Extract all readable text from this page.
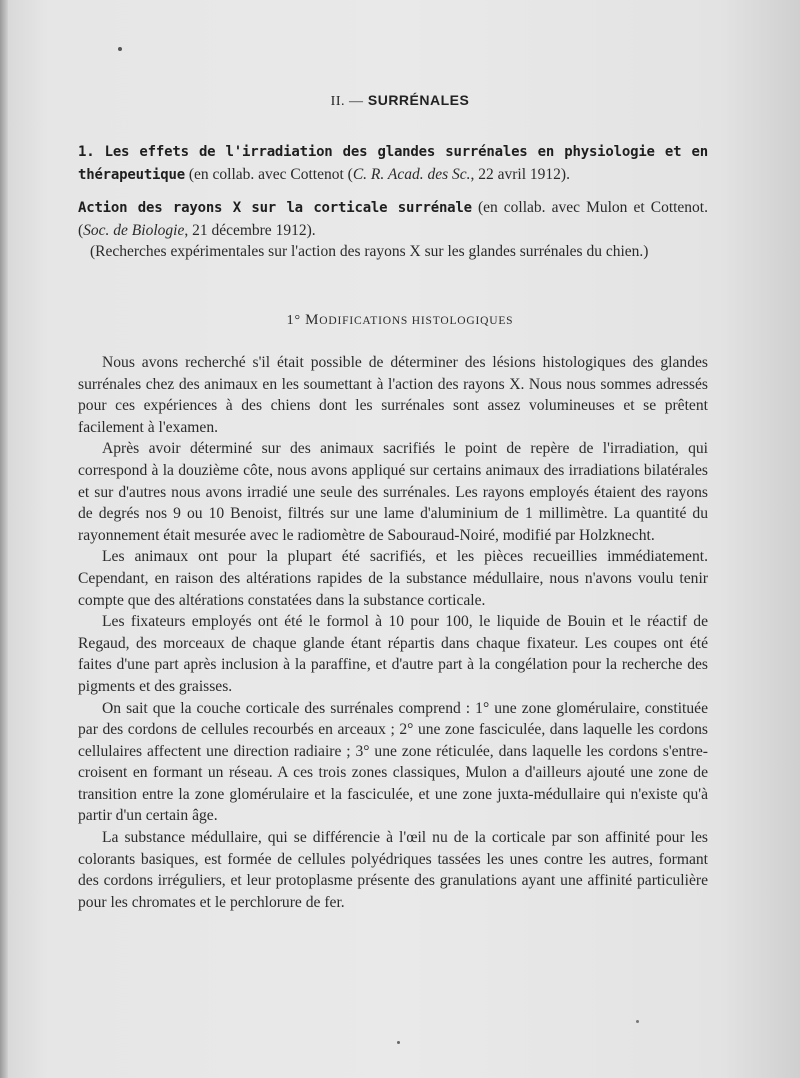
II. — SURRÉNALES
1. Les effets de l'irradiation des glandes surrénales en physiologie et en thérapeutique (en collab. avec Cottenot (C. R. Acad. des Sc., 22 avril 1912).
Action des rayons X sur la corticale surrénale (en collab. avec Mulon et Cottenot. (Soc. de Biologie, 21 décembre 1912).
(Recherches expérimentales sur l'action des rayons X sur les glandes surrénales du chien.)
1° MODIFICATIONS HISTOLOGIQUES

Nous avons recherché s'il était possible de déterminer des lésions histologiques des glandes surrénales chez des animaux en les soumettant à l'action des rayons X. Nous nous sommes adressés pour ces expériences à des chiens dont les surrénales sont assez volumineuses et se prêtent facilement à l'examen.

Après avoir déterminé sur des animaux sacrifiés le point de repère de l'irradiation, qui correspond à la douzième côte, nous avons appliqué sur certains animaux des irradiations bilatérales et sur d'autres nous avons irradié une seule des surrénales. Les rayons employés étaient des rayons de degrés nos 9 ou 10 Benoist, filtrés sur une lame d'aluminium de 1 millimètre. La quantité du rayonnement était mesurée avec le radiomètre de Sabouraud-Noiré, modifié par Holzknecht.

Les animaux ont pour la plupart été sacrifiés, et les pièces recueillies immédiatement. Cependant, en raison des altérations rapides de la substance médullaire, nous n'avons voulu tenir compte que des altérations constatées dans la substance corticale.

Les fixateurs employés ont été le formol à 10 pour 100, le liquide de Bouin et le réactif de Regaud, des morceaux de chaque glande étant répartis dans chaque fixateur. Les coupes ont été faites d'une part après inclusion à la paraffine, et d'autre part à la congélation pour la recherche des pigments et des graisses.

On sait que la couche corticale des surrénales comprend : 1° une zone glomérulaire, constituée par des cordons de cellules recourbés en arceaux ; 2° une zone fasciculée, dans laquelle les cordons cellulaires affectent une direction radiaire ; 3° une zone réticulée, dans laquelle les cordons s'entre-croisent en formant un réseau. A ces trois zones classiques, Mulon a d'ailleurs ajouté une zone de transition entre la zone glomérulaire et la fasciculée, et une zone juxta-médullaire qui n'existe qu'à partir d'un certain âge.

La substance médullaire, qui se différencie à l'œil nu de la corticale par son affinité pour les colorants basiques, est formée de cellules polyédriques tassées les unes contre les autres, formant des cordons irréguliers, et leur protoplasme présente des granulations ayant une affinité particulière pour les chromates et le perchlorure de fer.
